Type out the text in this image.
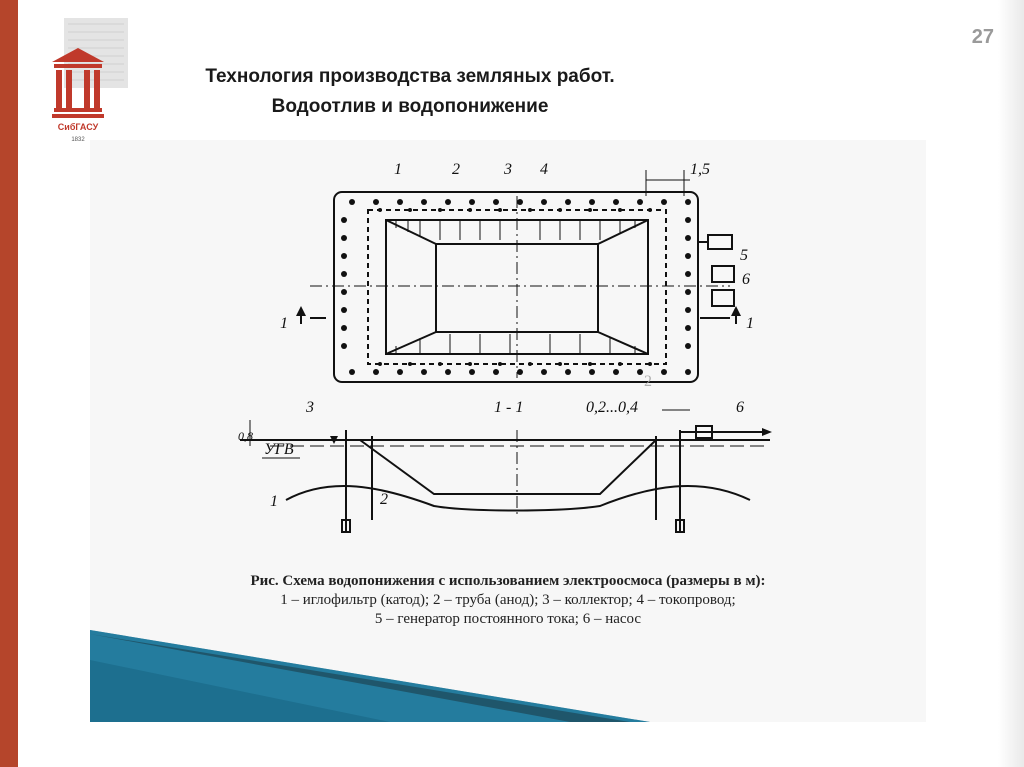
27
СибГАСУ
1832
Технология производства земляных работ.
Водоотлив и водопонижение
1	2	3 4	1,5
5
6
1	1
2
1 - 1	0,2...0,4
3	6
0,8
УГВ
1	2
Рис. Схема водопонижения с использованием электроосмоса (размеры в м):
1 – иглофильтр (катод); 2 – труба (анод); 3 – коллектор; 4 – токопровод;
5 – генератор постоянного тока; 6 – насос
